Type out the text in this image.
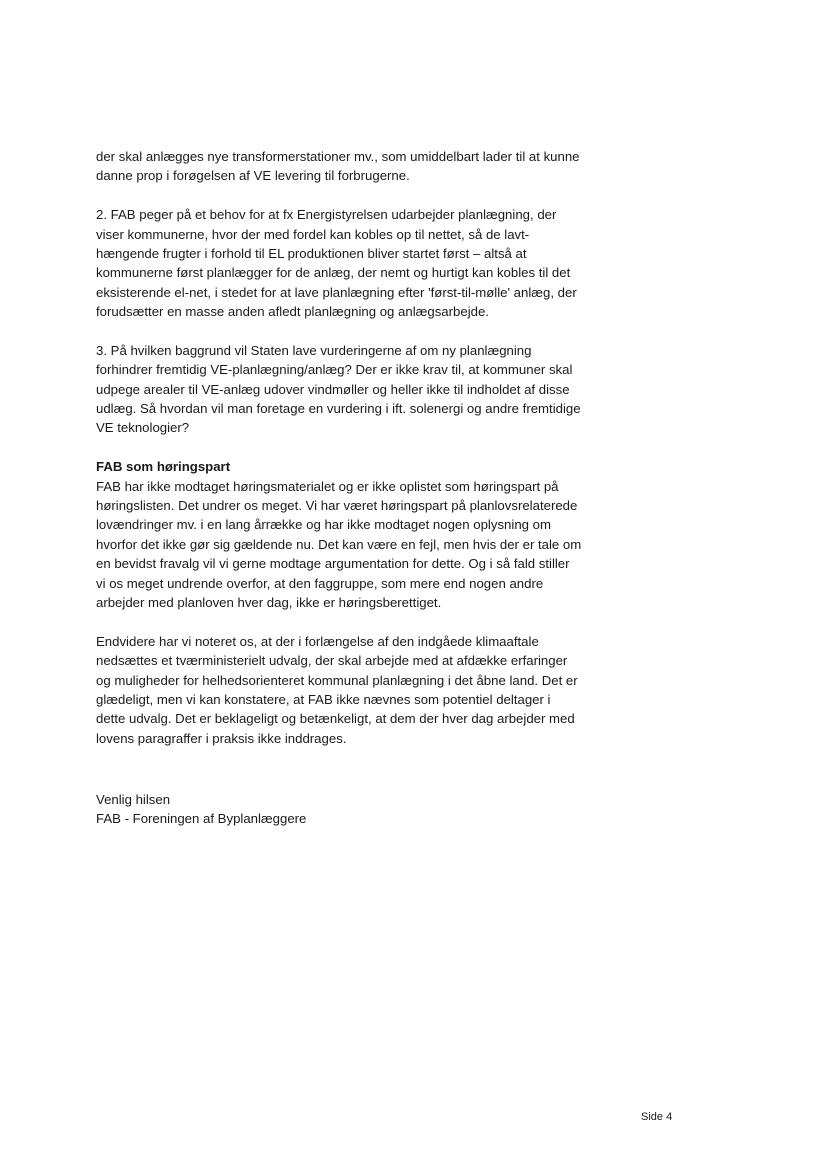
der skal anlægges nye transformerstationer mv., som umiddelbart lader til at kunne
danne prop i forøgelsen af VE levering til forbrugerne.
2. FAB peger på et behov for at fx Energistyrelsen udarbejder planlægning, der
viser kommunerne, hvor der med fordel kan kobles op til nettet, så de lavt-
hængende frugter i forhold til EL produktionen bliver startet først – altså at
kommunerne først planlægger for de anlæg, der nemt og hurtigt kan kobles til det
eksisterende el-net, i stedet for at lave planlægning efter 'først-til-mølle' anlæg, der
forudsætter en masse anden afledt planlægning og anlægsarbejde.
3. På hvilken baggrund vil Staten lave vurderingerne af om ny planlægning
forhindrer fremtidig VE-planlægning/anlæg? Der er ikke krav til, at kommuner skal
udpege arealer til VE-anlæg udover vindmøller og heller ikke til indholdet af disse
udlæg. Så hvordan vil man foretage en vurdering i ift. solenergi og andre fremtidige
VE teknologier?
FAB som høringspart
FAB har ikke modtaget høringsmaterialet og er ikke oplistet som høringspart på
høringslisten. Det undrer os meget. Vi har været høringspart på planlovsrelaterede
lovændringer mv. i en lang årrække og har ikke modtaget nogen oplysning om
hvorfor det ikke gør sig gældende nu. Det kan være en fejl, men hvis der er tale om
en bevidst fravalg vil vi gerne modtage argumentation for dette. Og i så fald stiller
vi os meget undrende overfor, at den faggruppe, som mere end nogen andre
arbejder med planloven hver dag, ikke er høringsberettiget.
Endvidere har vi noteret os, at der i forlængelse af den indgåede klimaaftale
nedsættes et tværministerielt udvalg, der skal arbejde med at afdække erfaringer
og muligheder for helhedsorienteret kommunal planlægning i det åbne land. Det er
glædeligt, men vi kan konstatere, at FAB ikke nævnes som potentiel deltager i
dette udvalg. Det er beklageligt og betænkeligt, at dem der hver dag arbejder med
lovens paragraffer i praksis ikke inddrages.
Venlig hilsen
FAB - Foreningen af Byplanlæggere
Side 4
